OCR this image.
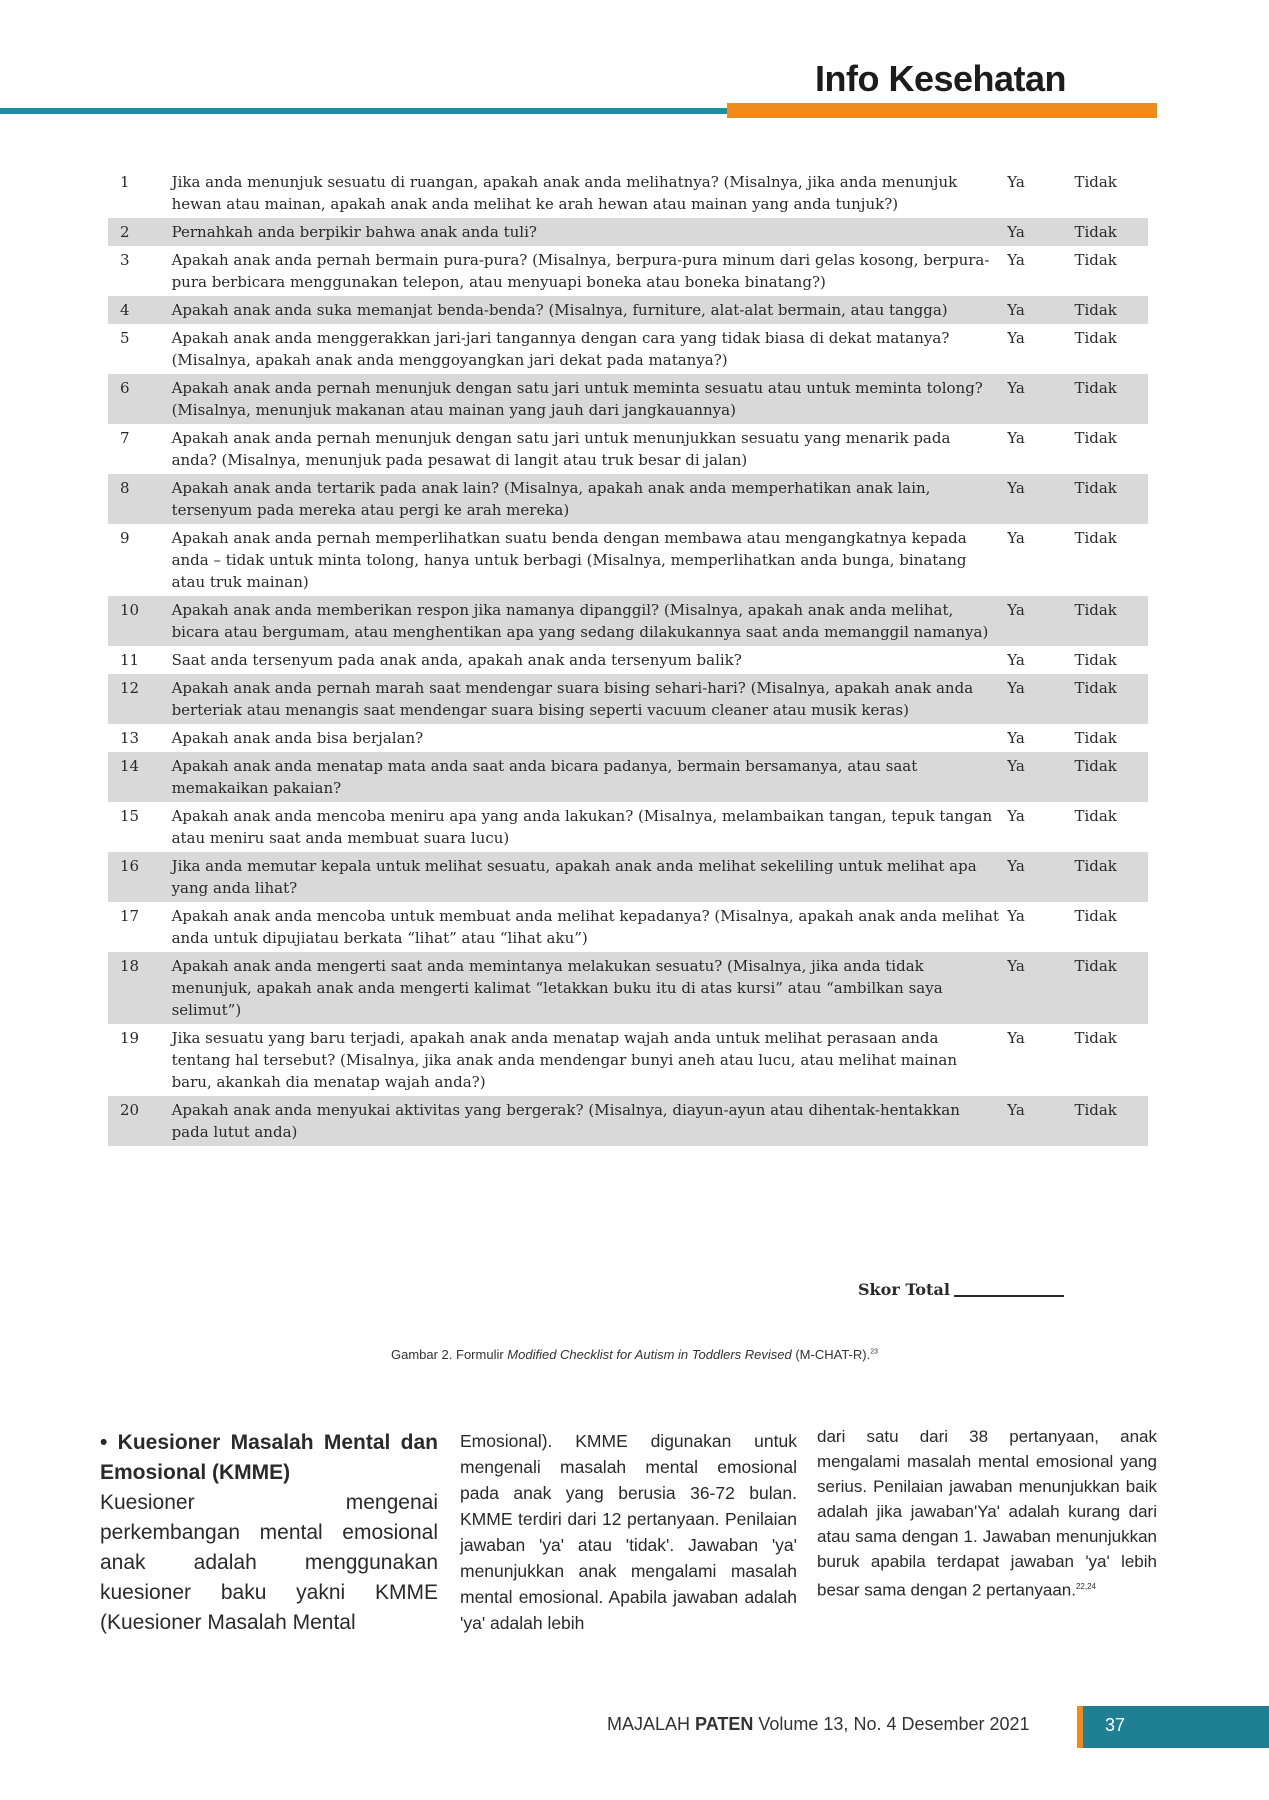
Info Kesehatan
1	Jika anda menunjuk sesuatu di ruangan, apakah anak anda melihatnya? (Misalnya, jika anda menunjuk hewan atau mainan, apakah anak anda melihat ke arah hewan atau mainan yang anda tunjuk?)	Ya	Tidak
2	Pernahkah anda berpikir bahwa anak anda tuli?	Ya	Tidak
3	Apakah anak anda pernah bermain pura-pura? (Misalnya, berpura-pura minum dari gelas kosong, berpura-pura berbicara menggunakan telepon, atau menyuapi boneka atau boneka binatang?)	Ya	Tidak
4	Apakah anak anda suka memanjat benda-benda? (Misalnya, furniture, alat-alat bermain, atau tangga)	Ya	Tidak
5	Apakah anak anda menggerakkan jari-jari tangannya dengan cara yang tidak biasa di dekat matanya? (Misalnya, apakah anak anda menggoyangkan jari dekat pada matanya?)	Ya	Tidak
6	Apakah anak anda pernah menunjuk dengan satu jari untuk meminta sesuatu atau untuk meminta tolong? (Misalnya, menunjuk makanan atau mainan yang jauh dari jangkauannya)	Ya	Tidak
7	Apakah anak anda pernah menunjuk dengan satu jari untuk menunjukkan sesuatu yang menarik pada anda? (Misalnya, menunjuk pada pesawat di langit atau truk besar di jalan)	Ya	Tidak
8	Apakah anak anda tertarik pada anak lain? (Misalnya, apakah anak anda memperhatikan anak lain, tersenyum pada mereka atau pergi ke arah mereka)	Ya	Tidak
9	Apakah anak anda pernah memperlihatkan suatu benda dengan membawa atau mengangkatnya kepada anda – tidak untuk minta tolong, hanya untuk berbagi (Misalnya, memperlihatkan anda bunga, binatang atau truk mainan)	Ya	Tidak
10	Apakah anak anda memberikan respon jika namanya dipanggil? (Misalnya, apakah anak anda melihat, bicara atau bergumam, atau menghentikan apa yang sedang dilakukannya saat anda memanggil namanya)	Ya	Tidak
11	Saat anda tersenyum pada anak anda, apakah anak anda tersenyum balik?	Ya	Tidak
12	Apakah anak anda pernah marah saat mendengar suara bising sehari-hari? (Misalnya, apakah anak anda berteriak atau menangis saat mendengar suara bising seperti vacuum cleaner atau musik keras)	Ya	Tidak
13	Apakah anak anda bisa berjalan?	Ya	Tidak
14	Apakah anak anda menatap mata anda saat anda bicara padanya, bermain bersamanya, atau saat memakaikan pakaian?	Ya	Tidak
15	Apakah anak anda mencoba meniru apa yang anda lakukan? (Misalnya, melambaikan tangan, tepuk tangan atau meniru saat anda membuat suara lucu)	Ya	Tidak
16	Jika anda memutar kepala untuk melihat sesuatu, apakah anak anda melihat sekeliling untuk melihat apa yang anda lihat?	Ya	Tidak
17	Apakah anak anda mencoba untuk membuat anda melihat kepadanya? (Misalnya, apakah anak anda melihat anda untuk dipujiatau berkata “lihat” atau “lihat aku”)	Ya	Tidak
18	Apakah anak anda mengerti saat anda memintanya melakukan sesuatu? (Misalnya, jika anda tidak menunjuk, apakah anak anda mengerti kalimat “letakkan buku itu di atas kursi” atau “ambilkan saya selimut”)	Ya	Tidak
19	Jika sesuatu yang baru terjadi, apakah anak anda menatap wajah anda untuk melihat perasaan anda tentang hal tersebut? (Misalnya, jika anak anda mendengar bunyi aneh atau lucu, atau melihat mainan baru, akankah dia menatap wajah anda?)	Ya	Tidak
20	Apakah anak anda menyukai aktivitas yang bergerak? (Misalnya, diayun-ayun atau dihentak-hentakkan pada lutut anda)	Ya	Tidak
Skor Total
Gambar 2. Formulir Modified Checklist for Autism in Toddlers Revised (M-CHAT-R).$^{23}$
• Kuesioner Masalah Mental dan Emosional (KMME)
Kuesioner mengenai perkembangan mental emosional anak adalah menggunakan kuesioner baku yakni KMME (Kuesioner Masalah Mental
Emosional). KMME digunakan untuk mengenali masalah mental emosional pada anak yang berusia 36-72 bulan. KMME terdiri dari 12 pertanyaan. Penilaian jawaban 'ya' atau 'tidak'. Jawaban 'ya' menunjukkan anak mengalami masalah mental emosional. Apabila jawaban adalah 'ya' adalah lebih
dari satu dari 38 pertanyaan, anak mengalami masalah mental emosional yang serius. Penilaian jawaban menunjukkan baik adalah jika jawaban'Ya' adalah kurang dari atau sama dengan 1. Jawaban menunjukkan buruk apabila terdapat jawaban 'ya' lebih besar sama dengan 2 pertanyaan.$^{22,24}$
MAJALAH PATEN Volume 13, No. 4 Desember 2021	37
